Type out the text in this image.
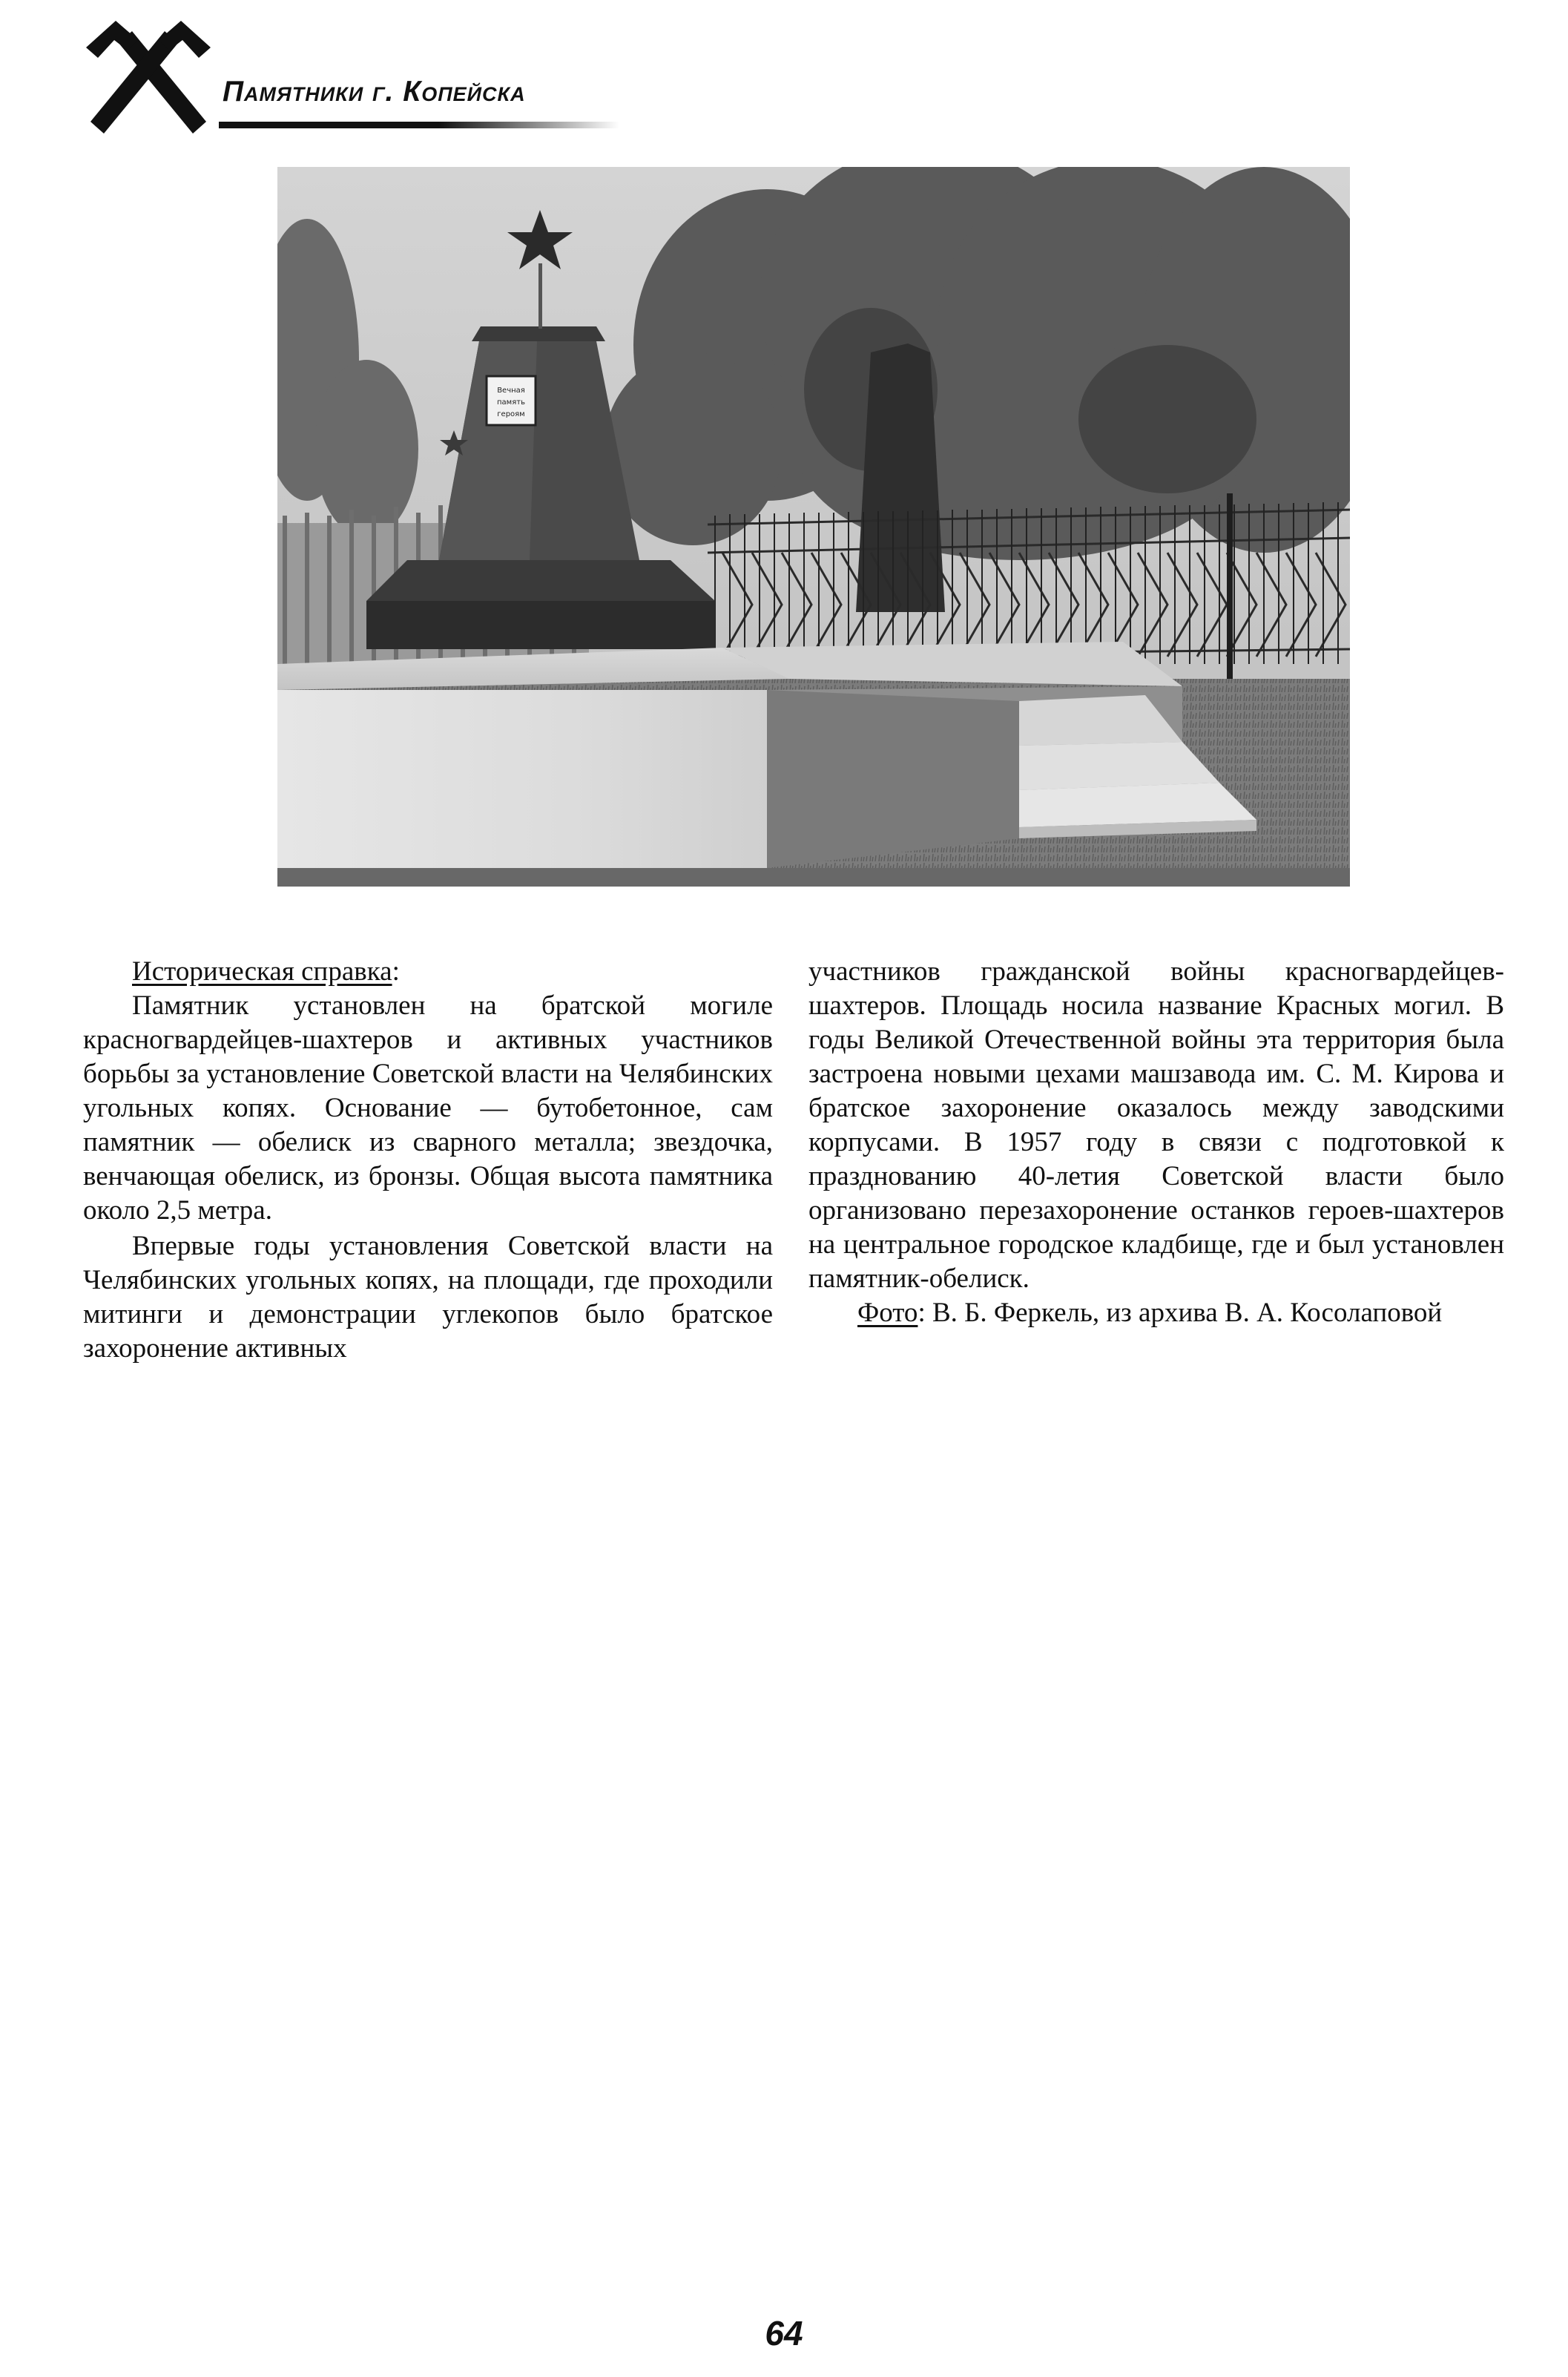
Памятники г. Копейска
Вечная
память
героям

Историческая справка:

Памятник установлен на братской могиле красногвардейцев-шахтеров и активных участников борьбы за установление Советской власти на Челябинских угольных копях. Основание — бутобетонное, сам памятник — обелиск из сварного металла; звездочка, венчающая обелиск, из бронзы. Общая высота памятника около 2,5 метра.

Впервые годы установления Советской власти на Челябинских угольных копях, на площади, где проходили митинги и демонстрации углекопов было братское захоронение активных

участников гражданской войны красногвардейцев-шахтеров. Площадь носила название Красных могил. В годы Великой Отечественной войны эта территория была застроена новыми цехами машзавода им. С. М. Кирова и братское захоронение оказалось между заводскими корпусами. В 1957 году в связи с подготовкой к празднованию 40-летия Советской власти было организовано перезахоронение останков героев-шахтеров на центральное городское кладбище, где и был установлен памятник-обелиск.

Фото: В. Б. Феркель, из архива В. А. Косолаповой

64
